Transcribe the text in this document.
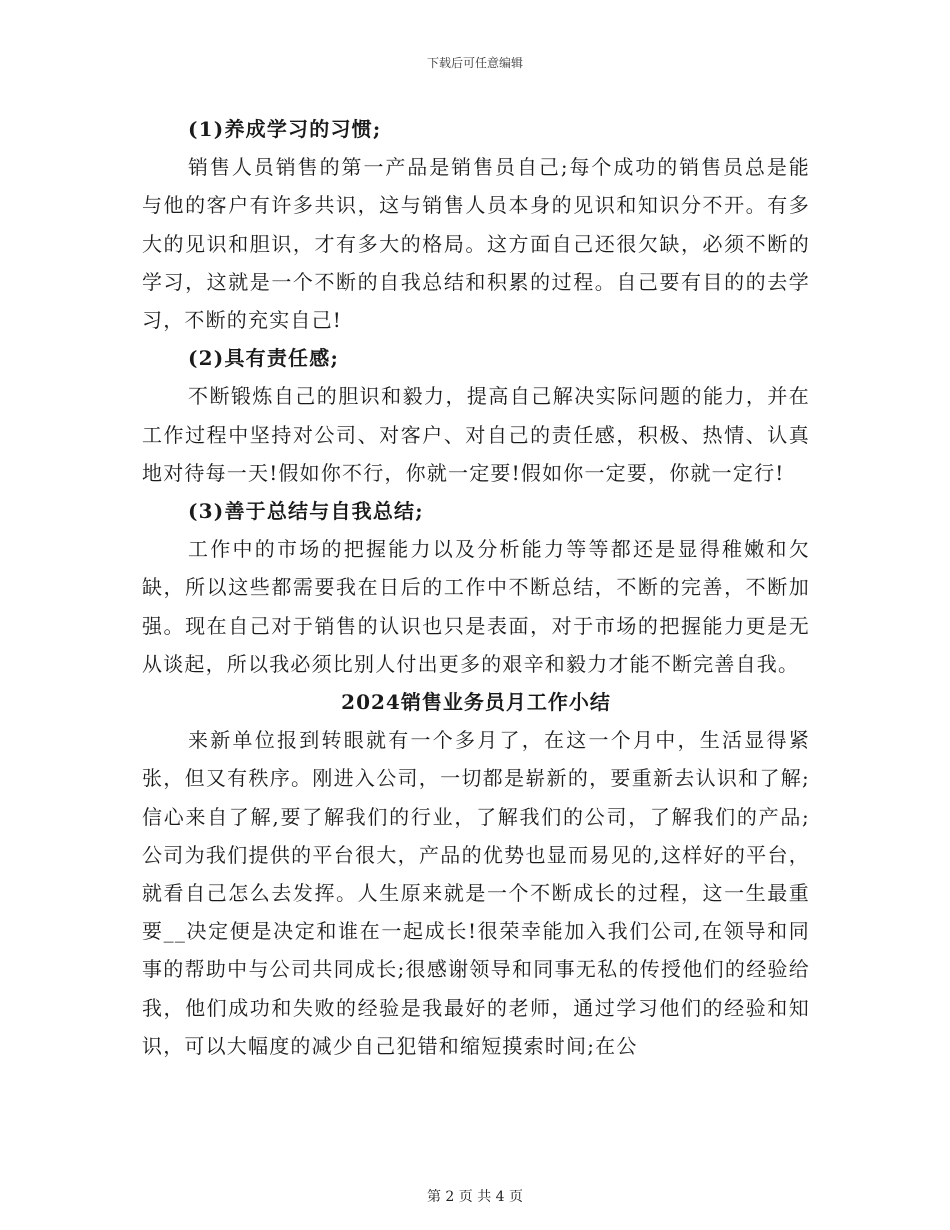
下载后可任意编辑

(1)养成学习的习惯;

销售人员销售的第一产品是销售员自己;每个成功的销售员总是能与他的客户有许多共识，这与销售人员本身的见识和知识分不开。有多大的见识和胆识，才有多大的格局。这方面自己还很欠缺，必须不断的学习，这就是一个不断的自我总结和积累的过程。自己要有目的的去学习，不断的充实自己!

(2)具有责任感;

不断锻炼自己的胆识和毅力，提高自己解决实际问题的能力，并在工作过程中坚持对公司、对客户、对自己的责任感，积极、热情、认真地对待每一天!假如你不行，你就一定要!假如你一定要，你就一定行!

(3)善于总结与自我总结;

工作中的市场的把握能力以及分析能力等等都还是显得稚嫩和欠缺，所以这些都需要我在日后的工作中不断总结，不断的完善，不断加强。现在自己对于销售的认识也只是表面，对于市场的把握能力更是无从谈起，所以我必须比别人付出更多的艰辛和毅力才能不断完善自我。

2024销售业务员月工作小结

来新单位报到转眼就有一个多月了，在这一个月中，生活显得紧张，但又有秩序。刚进入公司，一切都是崭新的，要重新去认识和了解;信心来自了解,要了解我们的行业，了解我们的公司，了解我们的产品;公司为我们提供的平台很大，产品的优势也显而易见的,这样好的平台，就看自己怎么去发挥。人生原来就是一个不断成长的过程，这一生最重要__决定便是决定和谁在一起成长!很荣幸能加入我们公司,在领导和同事的帮助中与公司共同成长;很感谢领导和同事无私的传授他们的经验给我，他们成功和失败的经验是我最好的老师，通过学习他们的经验和知识，可以大幅度的减少自己犯错和缩短摸索时间;在公

第 2 页 共 4 页
